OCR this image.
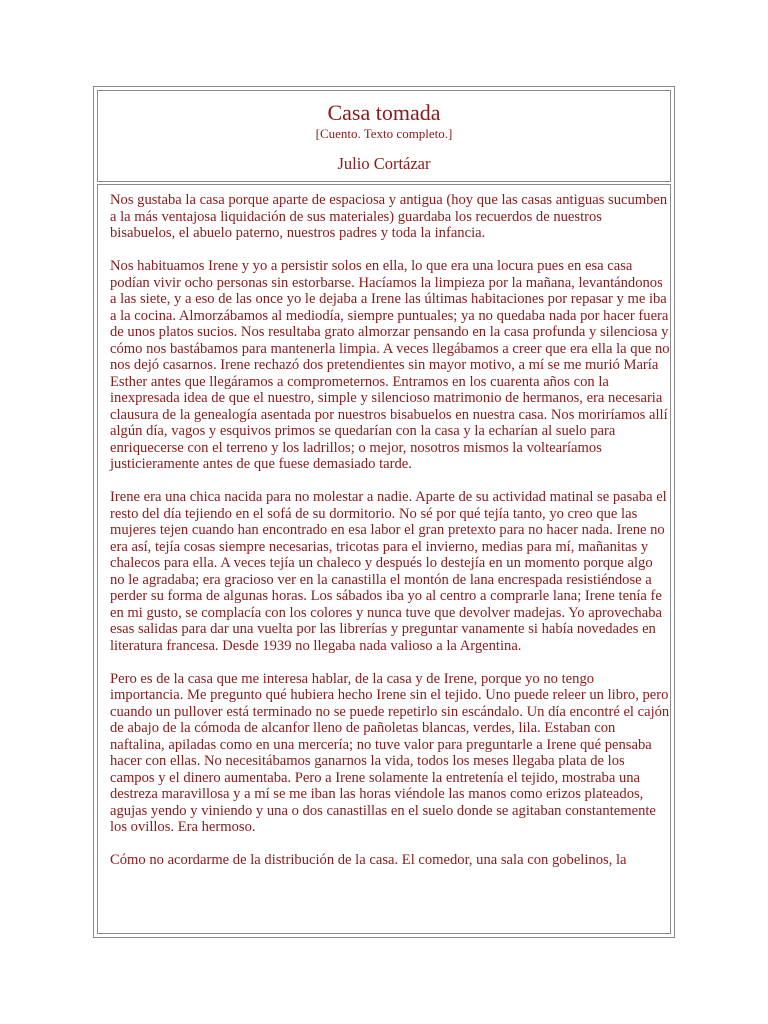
Casa tomada
[Cuento. Texto completo.]
Julio Cortázar

Nos gustaba la casa porque aparte de espaciosa y antigua (hoy que las casas antiguas sucumben a la más ventajosa liquidación de sus materiales) guardaba los recuerdos de nuestros bisabuelos, el abuelo paterno, nuestros padres y toda la infancia.

Nos habituamos Irene y yo a persistir solos en ella, lo que era una locura pues en esa casa podían vivir ocho personas sin estorbarse. Hacíamos la limpieza por la mañana, levantándonos a las siete, y a eso de las once yo le dejaba a Irene las últimas habitaciones por repasar y me iba a la cocina. Almorzábamos al mediodía, siempre puntuales; ya no quedaba nada por hacer fuera de unos platos sucios. Nos resultaba grato almorzar pensando en la casa profunda y silenciosa y cómo nos bastábamos para mantenerla limpia. A veces llegábamos a creer que era ella la que no nos dejó casarnos. Irene rechazó dos pretendientes sin mayor motivo, a mí se me murió María Esther antes que llegáramos a comprometernos. Entramos en los cuarenta años con la inexpresada idea de que el nuestro, simple y silencioso matrimonio de hermanos, era necesaria clausura de la genealogía asentada por nuestros bisabuelos en nuestra casa. Nos moriríamos allí algún día, vagos y esquivos primos se quedarían con la casa y la echarían al suelo para enriquecerse con el terreno y los ladrillos; o mejor, nosotros mismos la voltearíamos justicieramente antes de que fuese demasiado tarde.

Irene era una chica nacida para no molestar a nadie. Aparte de su actividad matinal se pasaba el resto del día tejiendo en el sofá de su dormitorio. No sé por qué tejía tanto, yo creo que las mujeres tejen cuando han encontrado en esa labor el gran pretexto para no hacer nada. Irene no era así, tejía cosas siempre necesarias, tricotas para el invierno, medias para mí, mañanitas y chalecos para ella. A veces tejía un chaleco y después lo destejía en un momento porque algo no le agradaba; era gracioso ver en la canastilla el montón de lana encrespada resistiéndose a perder su forma de algunas horas. Los sábados iba yo al centro a comprarle lana; Irene tenía fe en mi gusto, se complacía con los colores y nunca tuve que devolver madejas. Yo aprovechaba esas salidas para dar una vuelta por las librerías y preguntar vanamente si había novedades en literatura francesa. Desde 1939 no llegaba nada valioso a la Argentina.

Pero es de la casa que me interesa hablar, de la casa y de Irene, porque yo no tengo importancia. Me pregunto qué hubiera hecho Irene sin el tejido. Uno puede releer un libro, pero cuando un pullover está terminado no se puede repetirlo sin escándalo. Un día encontré el cajón de abajo de la cómoda de alcanfor lleno de pañoletas blancas, verdes, lila. Estaban con naftalina, apiladas como en una mercería; no tuve valor para preguntarle a Irene qué pensaba hacer con ellas. No necesitábamos ganarnos la vida, todos los meses llegaba plata de los campos y el dinero aumentaba. Pero a Irene solamente la entretenía el tejido, mostraba una destreza maravillosa y a mí se me iban las horas viéndole las manos como erizos plateados, agujas yendo y viniendo y una o dos canastillas en el suelo donde se agitaban constantemente los ovillos. Era hermoso.

Cómo no acordarme de la distribución de la casa. El comedor, una sala con gobelinos, la
